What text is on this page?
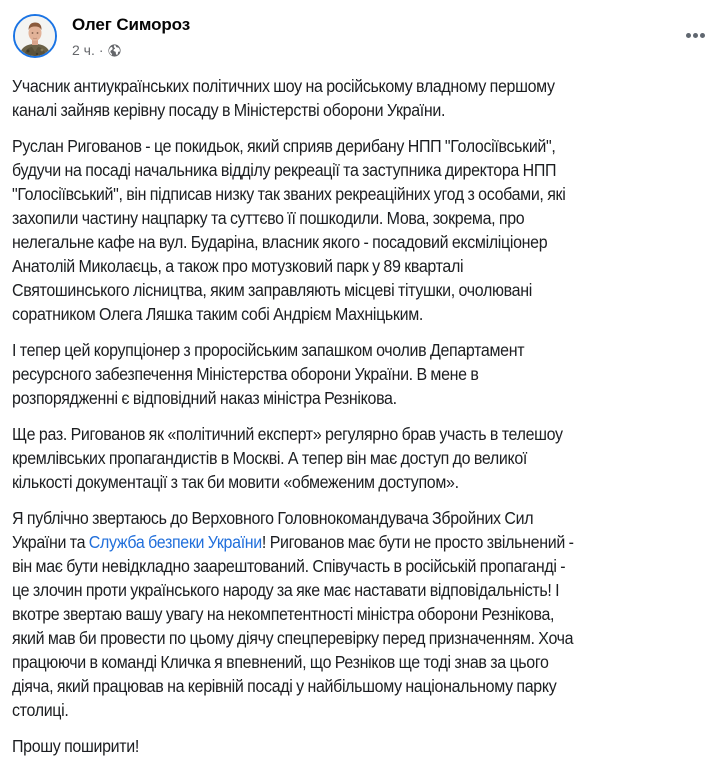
Олег Симороз
2 ч. ·

Учасник антиукраїнських політичних шоу на російському владному першому
каналі зайняв керівну посаду в Міністерстві оборони України.

Руслан Ригованов - це покидьок, який сприяв дерибану НПП "Голосіївський",
будучи на посаді начальника відділу рекреації та заступника директора НПП
"Голосіївський", він підписав низку так званих рекреаційних угод з особами, які
захопили частину нацпарку та суттєво її пошкодили. Мова, зокрема, про
нелегальне кафе на вул. Бударіна, власник якого - посадовий ексміліціонер
Анатолій Миколаєць, а також про мотузковий парк у 89 кварталі
Святошинського лісництва, яким заправляють місцеві тітушки, очолювані
соратником Олега Ляшка таким собі Андрієм Махніцьким.

І тепер цей корупціонер з проросійським запашком очолив Департамент
ресурсного забезпечення Міністерства оборони України. В мене в
розпорядженні є відповідний наказ міністра Резнікова.

Ще раз. Ригованов як «політичний експерт» регулярно брав участь в телешоу
кремлівських пропагандистів в Москві. А тепер він має доступ до великої
кількості документації з так би мовити «обмеженим доступом».

Я публічно звертаюсь до Верховного Головнокомандувача Збройних Сил
України та Служба безпеки України! Ригованов має бути не просто звільнений -
він має бути невідкладно заарештований. Співучасть в російській пропаганді -
це злочин проти українського народу за яке має наставати відповідальність! І
вкотре звертаю вашу увагу на некомпетентності міністра оборони Резнікова,
який мав би провести по цьому діячу спецперевірку перед призначенням. Хоча
працюючи в команді Кличка я впевнений, що Резніков ще тоді знав за цього
діяча, який працював на керівній посаді у найбільшому національному парку
столиці.

Прошу поширити!
